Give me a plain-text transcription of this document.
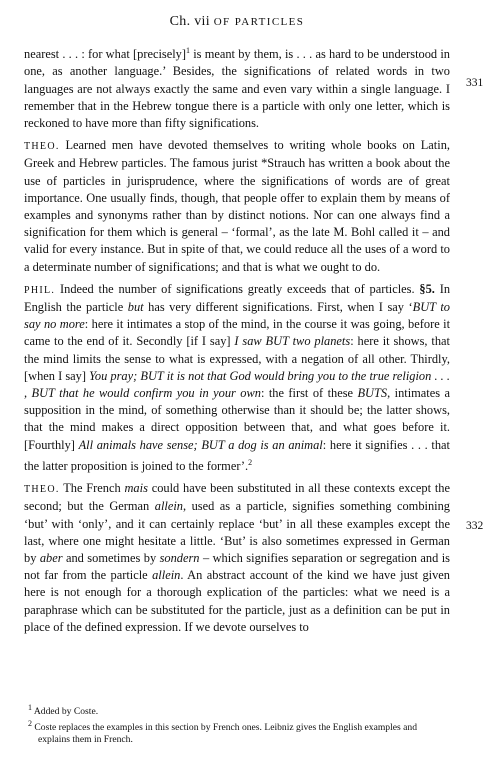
Ch. vii OF PARTICLES
331
332

nearest . . . : for what [precisely]$^1$ is meant by them, is . . . as hard to be understood in one, as another language.’ Besides, the significations of related words in two languages are not always exactly the same and even vary within a single language. I remember that in the Hebrew tongue there is a particle with only one letter, which is reckoned to have more than fifty significations.

THEO. Learned men have devoted themselves to writing whole books on Latin, Greek and Hebrew particles. The famous jurist *Strauch has written a book about the use of particles in jurisprudence, where the significations of words are of great importance. One usually finds, though, that people offer to explain them by means of examples and synonyms rather than by distinct notions. Nor can one always find a signification for them which is general – ‘formal’, as the late M. Bohl called it – and valid for every instance. But in spite of that, we could reduce all the uses of a word to a determinate number of significations; and that is what we ought to do.

PHIL. Indeed the number of significations greatly exceeds that of particles. §5. In English the particle but has very different significations. First, when I say ‘BUT to say no more: here it intimates a stop of the mind, in the course it was going, before it came to the end of it. Secondly [if I say] I saw BUT two planets: here it shows, that the mind limits the sense to what is expressed, with a negation of all other. Thirdly, [when I say] You pray; BUT it is not that God would bring you to the true religion . . . , BUT that he would confirm you in your own: the first of these BUTS, intimates a supposition in the mind, of something otherwise than it should be; the latter shows, that the mind makes a direct opposition between that, and what goes before it. [Fourthly] All animals have sense; BUT a dog is an animal: here it signifies . . . that the latter proposition is joined to the former’.$^2$

THEO. The French mais could have been substituted in all these contexts except the second; but the German allein, used as a particle, signifies something combining ‘but’ with ‘only’, and it can certainly replace ‘but’ in all these examples except the last, where one might hesitate a little. ‘But’ is also sometimes expressed in German by aber and sometimes by sondern – which signifies separation or segregation and is not far from the particle allein. An abstract account of the kind we have just given here is not enough for a thorough explication of the particles: what we need is a paraphrase which can be substituted for the particle, just as a definition can be put in place of the defined expression. If we devote ourselves to

$^1$ Added by Coste.

$^2$ Coste replaces the examples in this section by French ones. Leibniz gives the English examples and explains them in French.
